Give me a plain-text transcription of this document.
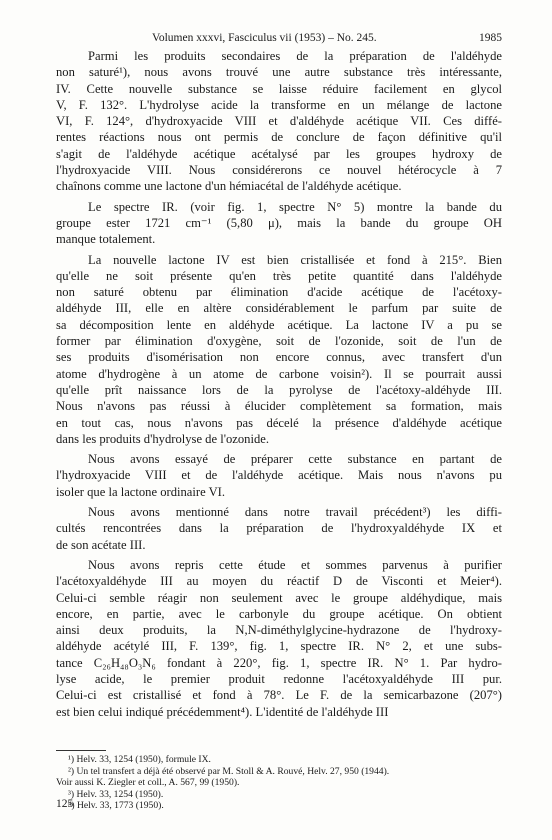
Volumen xxxvi, Fasciculus vii (1953) – No. 245.	1985

Parmi les produits secondaires de la préparation de l'aldéhyde
non saturé¹), nous avons trouvé une autre substance très intéressante,
IV. Cette nouvelle substance se laisse réduire facilement en glycol
V, F. 132°. L'hydrolyse acide la transforme en un mélange de lactone
VI, F. 124°, d'hydroxyacide VIII et d'aldéhyde acétique VII. Ces diffé-
rentes réactions nous ont permis de conclure de façon définitive qu'il
s'agit de l'aldéhyde acétique acétalysé par les groupes hydroxy de
l'hydroxyacide VIII. Nous considérerons ce nouvel hétérocycle à 7
chaînons comme une lactone d'un hémiacétal de l'aldéhyde acétique.

Le spectre IR. (voir fig. 1, spectre N° 5) montre la bande du
groupe ester 1721 cm⁻¹ (5,80 μ), mais la bande du groupe OH
manque totalement.

La nouvelle lactone IV est bien cristallisée et fond à 215°. Bien
qu'elle ne soit présente qu'en très petite quantité dans l'aldéhyde
non saturé obtenu par élimination d'acide acétique de l'acétoxy-
aldéhyde III, elle en altère considérablement le parfum par suite de
sa décomposition lente en aldéhyde acétique. La lactone IV a pu se
former par élimination d'oxygène, soit de l'ozonide, soit de l'un de
ses produits d'isomérisation non encore connus, avec transfert d'un
atome d'hydrogène à un atome de carbone voisin²). Il se pourrait aussi
qu'elle prît naissance lors de la pyrolyse de l'acétoxy-aldéhyde III.
Nous n'avons pas réussi à élucider complètement sa formation, mais
en tout cas, nous n'avons pas décelé la présence d'aldéhyde acétique
dans les produits d'hydrolyse de l'ozonide.

Nous avons essayé de préparer cette substance en partant de
l'hydroxyacide VIII et de l'aldéhyde acétique. Mais nous n'avons pu
isoler que la lactone ordinaire VI.

Nous avons mentionné dans notre travail précédent³) les diffi-
cultés rencontrées dans la préparation de l'hydroxyaldéhyde IX et
de son acétate III.

Nous avons repris cette étude et sommes parvenus à purifier
l'acétoxyaldéhyde III au moyen du réactif D de Visconti et Meier⁴).
Celui-ci semble réagir non seulement avec le groupe aldéhydique, mais
encore, en partie, avec le carbonyle du groupe acétique. On obtient
ainsi deux produits, la N,N-diméthylglycine-hydrazone de l'hydroxy-
aldéhyde acétylé III, F. 139°, fig. 1, spectre IR. N° 2, et une subs-
tance C₂₆H₄₈O₃N₆ fondant à 220°, fig. 1, spectre IR. N° 1. Par hydro-
lyse acide, le premier produit redonne l'acétoxyaldéhyde III pur.
Celui-ci est cristallisé et fond à 78°. Le F. de la semicarbazone (207°)
est bien celui indiqué précédemment⁴). L'identité de l'aldéhyde III

¹) Helv. 33, 1254 (1950), formule IX.
²) Un tel transfert a déjà été observé par M. Stoll & A. Rouvé, Helv. 27, 950 (1944).
Voir aussi K. Ziegler et coll., A. 567, 99 (1950).
³) Helv. 33, 1254 (1950).
⁴) Helv. 33, 1773 (1950).
125
